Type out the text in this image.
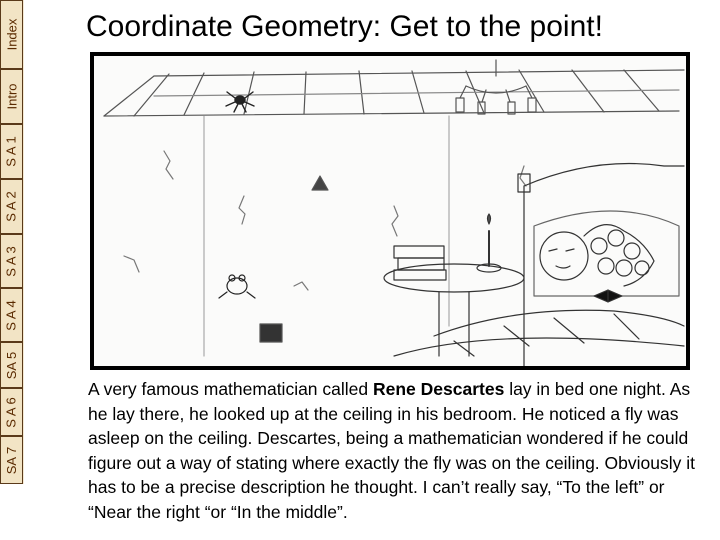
Index
Intro
S A 1
S A 2
S A 3
S A 4
SA 5
S A 6
SA 7
Coordinate Geometry: Get to the point!
A very famous mathematician called Rene Descartes lay in bed one night. As he lay there, he looked up at the ceiling in his bedroom. He noticed a fly was asleep on the ceiling. Descartes, being a mathematician wondered if he could figure out a way of stating where exactly the fly was on the ceiling. Obviously it has to be a precise description he thought. I can’t really say, “To the left” or “Near the right “or “In the middle”.
